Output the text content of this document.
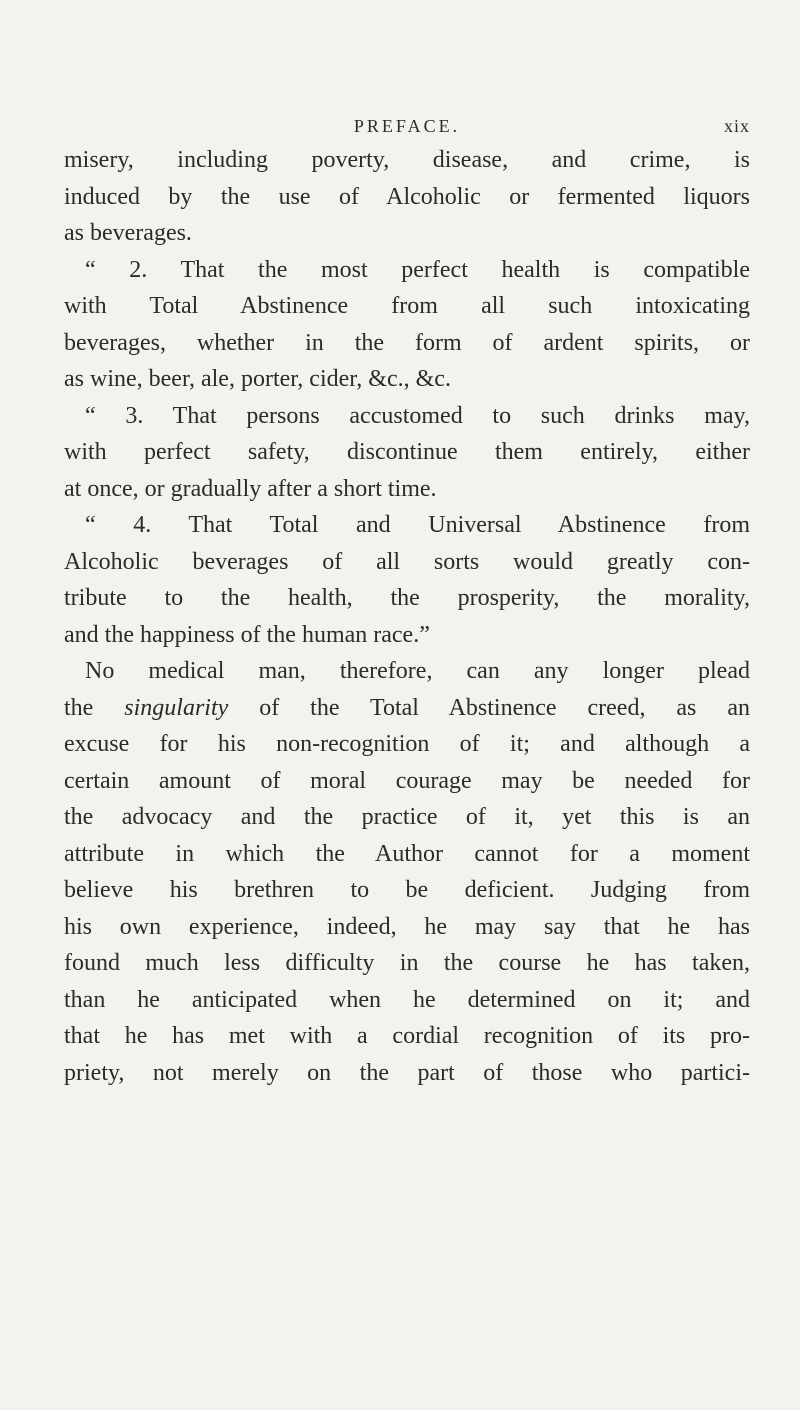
PREFACE.	xix
misery, including poverty, disease, and crime, is
induced by the use of Alcoholic or fermented liquors
as beverages.
“ 2. That the most perfect health is compatible
with Total Abstinence from all such intoxicating
beverages, whether in the form of ardent spirits, or
as wine, beer, ale, porter, cider, &c., &c.
“ 3. That persons accustomed to such drinks may,
with perfect safety, discontinue them entirely, either
at once, or gradually after a short time.
“ 4. That Total and Universal Abstinence from
Alcoholic beverages of all sorts would greatly con-
tribute to the health, the prosperity, the morality,
and the happiness of the human race.”
No medical man, therefore, can any longer plead
the singularity of the Total Abstinence creed, as an
excuse for his non-recognition of it; and although a
certain amount of moral courage may be needed for
the advocacy and the practice of it, yet this is an
attribute in which the Author cannot for a moment
believe his brethren to be deficient. Judging from
his own experience, indeed, he may say that he has
found much less difficulty in the course he has taken,
than he anticipated when he determined on it; and
that he has met with a cordial recognition of its pro-
priety, not merely on the part of those who partici-
